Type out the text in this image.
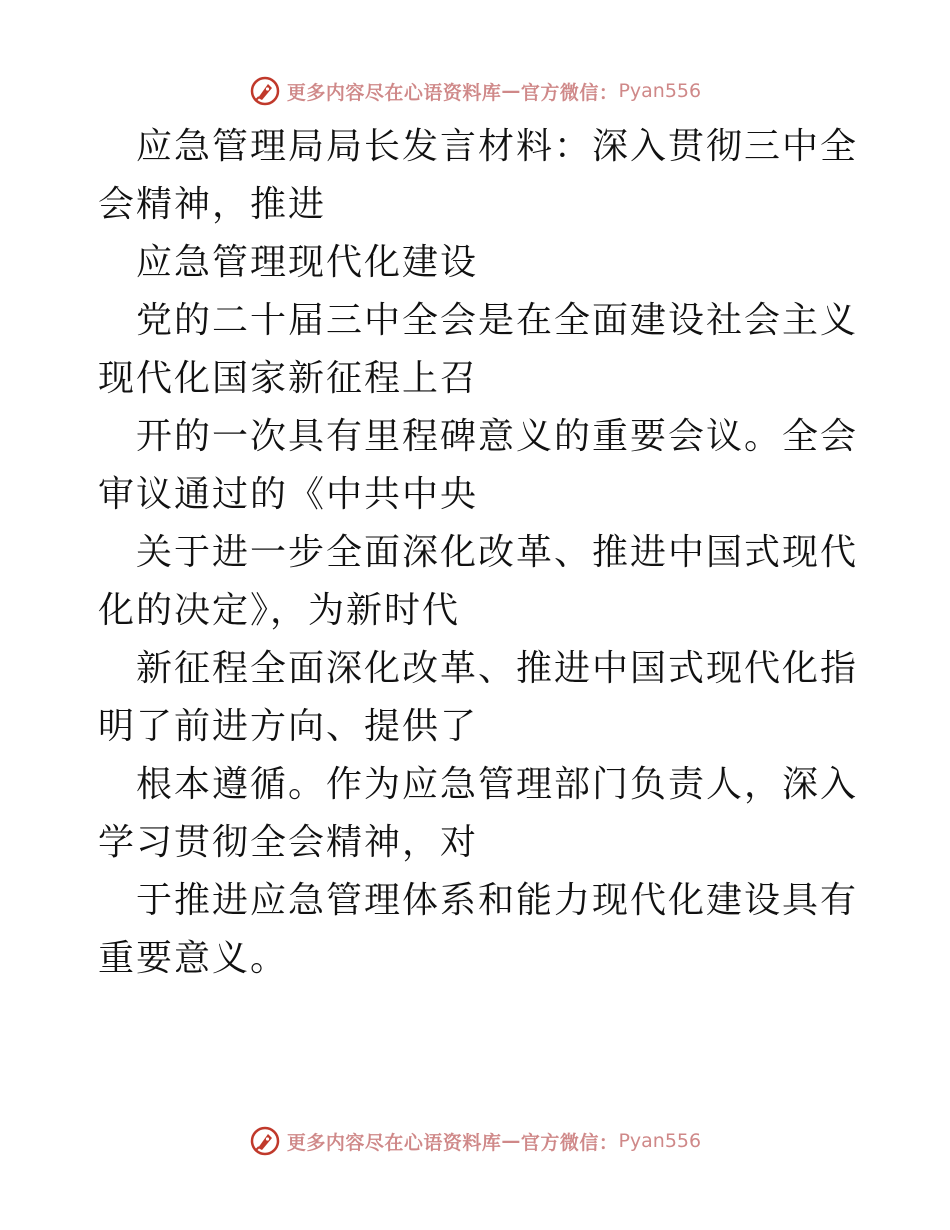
更多内容尽在心语资料库 — 官方微信： Pyan556

应急管理局局长发言材料：深入贯彻三中全会精神，推进

应急管理现代化建设

党的二十届三中全会是在全面建设社会主义现代化国家新征程上召

开的一次具有里程碑意义的重要会议。全会审议通过的《中共中央

关于进一步全面深化改革、推进中国式现代化的决定》，为新时代

新征程全面深化改革、推进中国式现代化指明了前进方向、提供了

根本遵循。作为应急管理部门负责人，深入学习贯彻全会精神，对

于推进应急管理体系和能力现代化建设具有重要意义。

更多内容尽在心语资料库 — 官方微信： Pyan556
